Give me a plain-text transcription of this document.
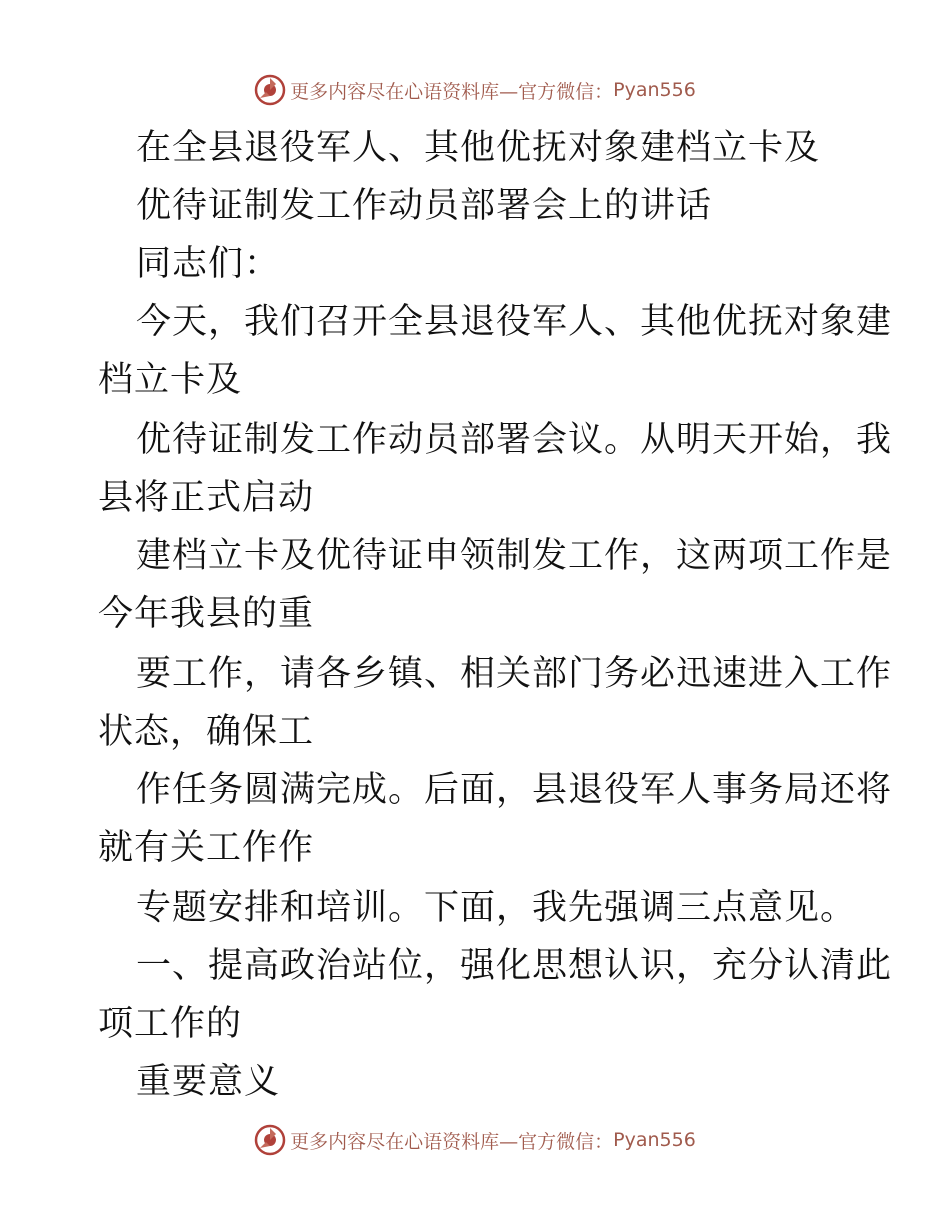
更多内容尽在心语资料库—官方微信： Pyan556
在全县退役军人、其他优抚对象建档立卡及
优待证制发工作动员部署会上的讲话
同志们：
今天，我们召开全县退役军人、其他优抚对象建
档立卡及
优待证制发工作动员部署会议。从明天开始，我
县将正式启动
建档立卡及优待证申领制发工作，这两项工作是
今年我县的重
要工作，请各乡镇、相关部门务必迅速进入工作
状态，确保工
作任务圆满完成。后面，县退役军人事务局还将
就有关工作作
专题安排和培训。下面，我先强调三点意见。
一、提高政治站位，强化思想认识，充分认清此
项工作的
重要意义
更多内容尽在心语资料库—官方微信： Pyan556
